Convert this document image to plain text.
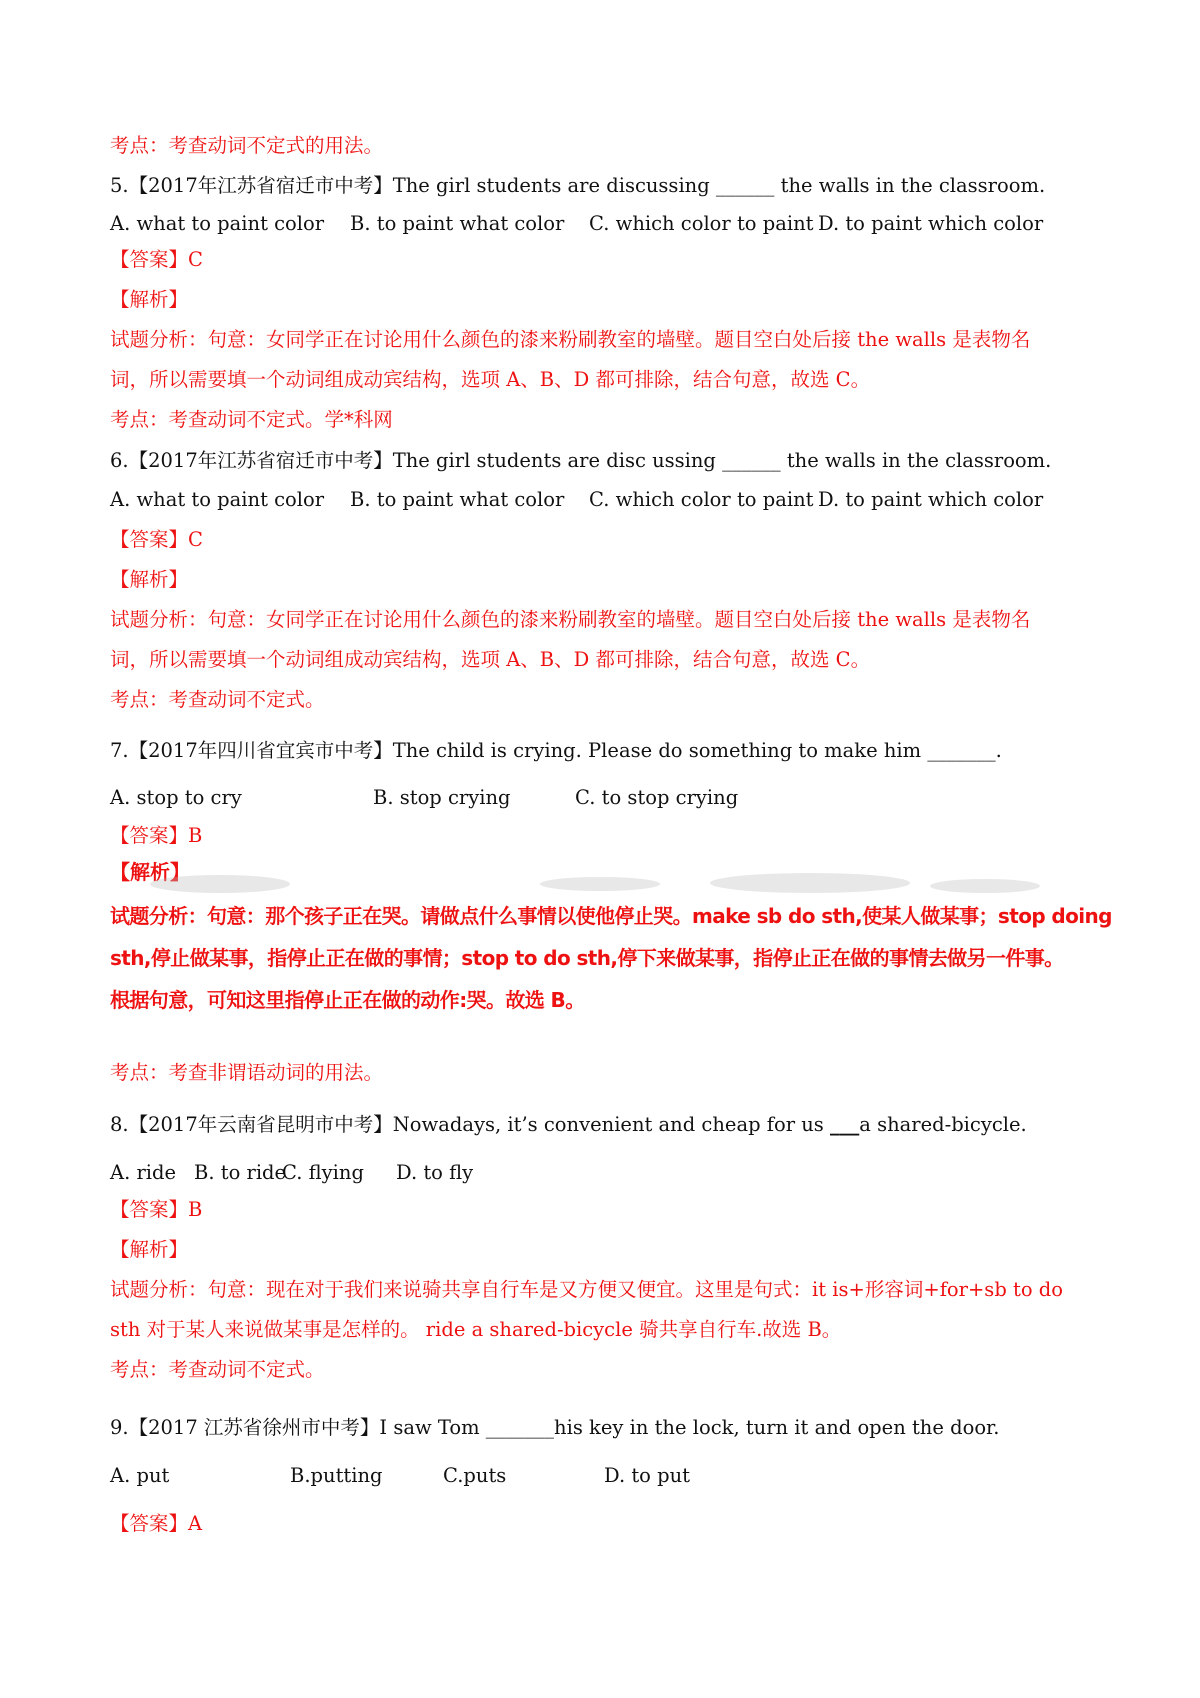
考点：考查动词不定式的用法。
5.【2017年江苏省宿迁市中考】The girl students are discussing ______ the walls in the classroom.
A. what to paint color B. to paint what color C. which color to paint D. to paint which color
【答案】C
【解析】
试题分析：句意：女同学正在讨论用什么颜色的漆来粉刷教室的墙壁。题目空白处后接 the walls 是表物名
词，所以需要填一个动词组成动宾结构，选项 A、B、D 都可排除，结合句意，故选 C。
考点：考查动词不定式。学*科网
6.【2017年江苏省宿迁市中考】The girl students are disc ussing ______ the walls in the classroom.
A. what to paint color B. to paint what color C. which color to paint D. to paint which color
【答案】C
【解析】
试题分析：句意：女同学正在讨论用什么颜色的漆来粉刷教室的墙壁。题目空白处后接 the walls 是表物名
词，所以需要填一个动词组成动宾结构，选项 A、B、D 都可排除，结合句意，故选 C。
考点：考查动词不定式。
7.【2017年四川省宜宾市中考】The child is crying. Please do something to make him _______.
A. stop to cry	B. stop crying	C. to stop crying
【答案】B
【解析】
试题分析：句意：那个孩子正在哭。请做点什么事情以使他停止哭。make sb do sth,使某人做某事；stop doing
sth,停止做某事，指停止正在做的事情；stop to do sth,停下来做某事，指停止正在做的事情去做另一件事。
根据句意，可知这里指停止正在做的动作:哭。故选 B。
考点：考查非谓语动词的用法。
8.【2017年云南省昆明市中考】Nowadays, it’s convenient and cheap for us ___a shared-bicycle.
A. ride B. to ride
C. flying D. to fly
【答案】B
【解析】
试题分析：句意：现在对于我们来说骑共享自行车是又方便又便宜。这里是句式：it is+形容词+for+sb to do
sth 对于某人来说做某事是怎样的。 ride a shared-bicycle 骑共享自行车.故选 B。
考点：考查动词不定式。
9.【2017 江苏省徐州市中考】I saw Tom _______his key in the lock, turn it and open the door.
A. put	B.putting	C.puts	D. to put
【答案】A
